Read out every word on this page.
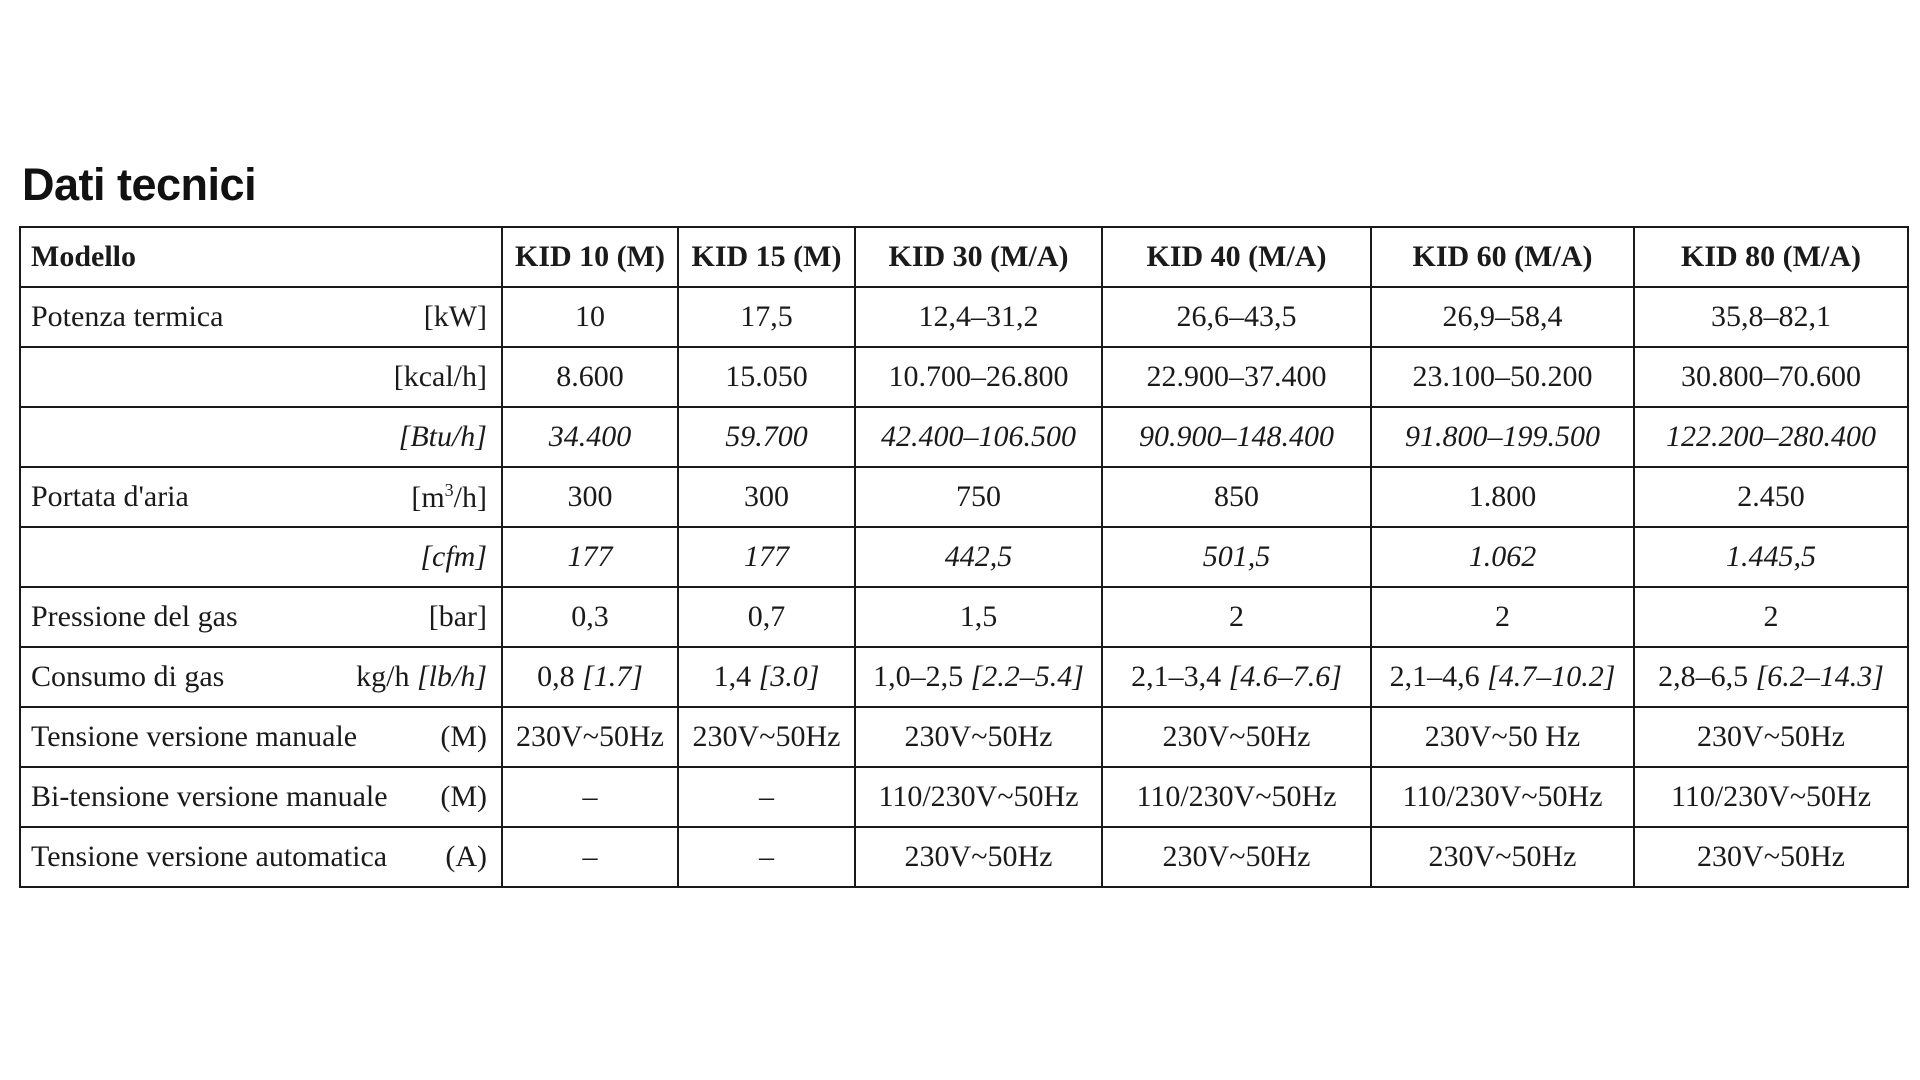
Dati tecnici
Modello	KID 10 (M)	KID 15 (M)	KID 30 (M/A)	KID 40 (M/A)	KID 60 (M/A)	KID 80 (M/A)

Potenza termica [kW]	10	17,5	12,4–31,2	26,6–43,5	26,9–58,4	35,8–82,1

[kcal/h]	8.600	15.050	10.700–26.800	22.900–37.400	23.100–50.200	30.800–70.600

[Btu/h]	34.400	59.700	42.400–106.500	90.900–148.400	91.800–199.500	122.200–280.400

Portata d'aria $[m^3/h]$	300	300	750	850	1.800	2.450

[cfm]	177	177	442,5	501,5	1.062	1.445,5

Pressione del gas [bar]	0,3	0,7	1,5	2	2	2

Consumo di gas kg/h [lb/h]	0,8 [1.7]	1,4 [3.0]	1,0–2,5 [2.2–5.4]	2,1–3,4 [4.6–7.6]	2,1–4,6 [4.7–10.2]	2,8–6,5 [6.2–14.3]

Tensione versione manuale (M)	230V~50Hz	230V~50Hz	230V~50Hz	230V~50Hz	230V~50 Hz	230V~50Hz

Bi-tensione versione manuale (M)	–	–	110/230V~50Hz	110/230V~50Hz	110/230V~50Hz	110/230V~50Hz

Tensione versione automatica (A)	–	–	230V~50Hz	230V~50Hz	230V~50Hz	230V~50Hz
